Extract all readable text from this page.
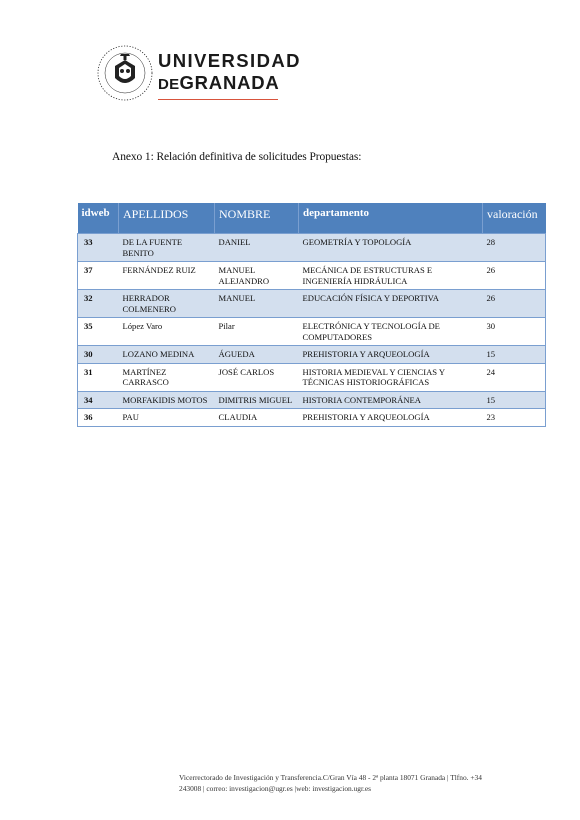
UNIVERSIDAD
DEGRANADA
Anexo 1: Relación definitiva de solicitudes Propuestas:
idweb	APELLIDOS	NOMBRE	departamento	valoración
33	DE LA FUENTE BENITO	DANIEL	GEOMETRÍA Y TOPOLOGÍA	28
37	FERNÁNDEZ RUIZ	MANUEL ALEJANDRO	MECÁNICA DE ESTRUCTURAS E INGENIERÍA HIDRÁULICA	26
32	HERRADOR COLMENERO	MANUEL	EDUCACIÓN FÍSICA Y DEPORTIVA	26
35	López Varo	Pilar	ELECTRÓNICA Y TECNOLOGÍA DE COMPUTADORES	30
30	LOZANO MEDINA	ÁGUEDA	PREHISTORIA Y ARQUEOLOGÍA	15
31	MARTÍNEZ CARRASCO	JOSÉ CARLOS	HISTORIA MEDIEVAL Y CIENCIAS Y TÉCNICAS HISTORIOGRÁFICAS	24
34	MORFAKIDIS MOTOS	DIMITRIS MIGUEL	HISTORIA CONTEMPORÁNEA	15
36	PAU	CLAUDIA	PREHISTORIA Y ARQUEOLOGÍA	23
Vicerrectorado de Investigación y Transferencia.C/Gran Vía 48 - 2ª planta 18071 Granada | Tlfno. +34
243008 | correo: investigacion@ugr.es |web: investigacion.ugr.es
